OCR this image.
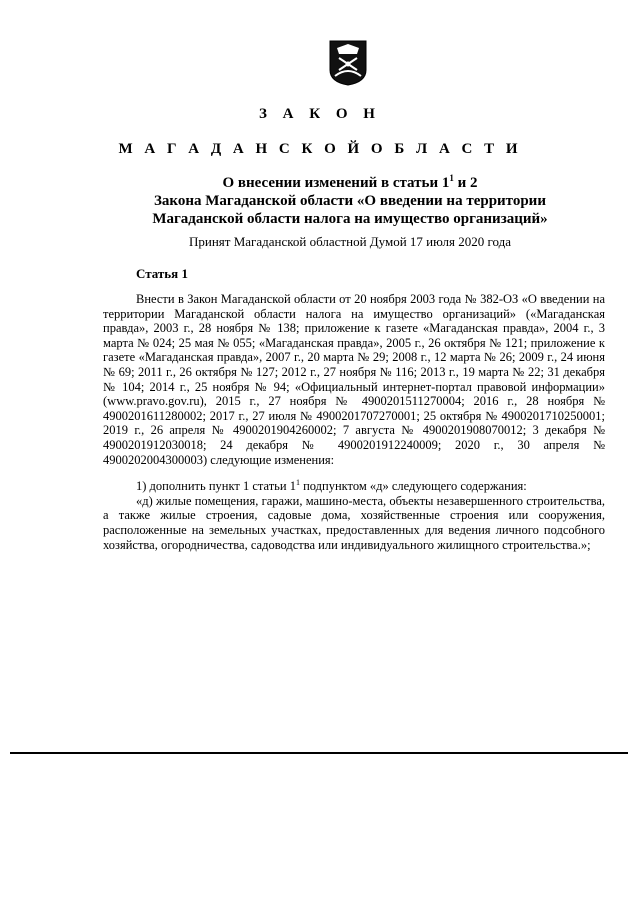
З А К О Н
М А Г А Д А Н С К О Й О Б Л А С Т И
О внесении изменений в статьи $1^1$ и 2
Закона Магаданской области «О введении на территории
Магаданской области налога на имущество организаций»
Принят Магаданской областной Думой 17 июля 2020 года
Статья 1

Внести в Закон Магаданской области от 20 ноября 2003 года № 382-ОЗ «О введении на территории Магаданской области налога на имущество организаций» («Магаданская правда», 2003 г., 28 ноября № 138; приложение к газете «Магаданская правда», 2004 г., 3 марта № 024; 25 мая № 055; «Магаданская правда», 2005 г., 26 октября № 121; приложение к газете «Магаданская правда», 2007 г., 20 марта № 29; 2008 г., 12 марта № 26; 2009 г., 24 июня № 69; 2011 г., 26 октября № 127; 2012 г., 27 ноября № 116; 2013 г., 19 марта № 22; 31 декабря № 104; 2014 г., 25 ноября № 94; «Официальный интернет-портал правовой информации» (www.pravo.gov.ru), 2015 г., 27 ноября № 4900201511270004; 2016 г., 28 ноября № 4900201611280002; 2017 г., 27 июля № 4900201707270001; 25 октября № 4900201710250001; 2019 г., 26 апреля № 4900201904260002; 7 августа № 4900201908070012; 3 декабря № 4900201912030018; 24 декабря № 4900201912240009; 2020 г., 30 апреля № 4900202004300003) следующие изменения:

1) дополнить пункт 1 статьи $1^1$ подпунктом «д» следующего содержания:

«д) жилые помещения, гаражи, машино-места, объекты незавершенного строительства, а также жилые строения, садовые дома, хозяйственные строения или сооружения, расположенные на земельных участках, предоставленных для ведения личного подсобного хозяйства, огородничества, садоводства или индивидуального жилищного строительства.»;
